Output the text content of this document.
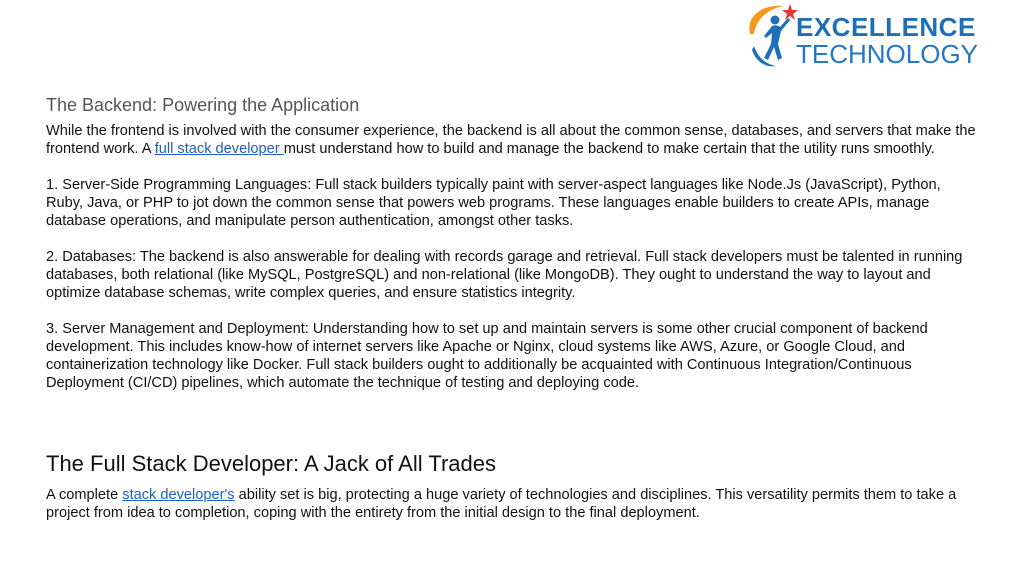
EXCELLENCE
TECHNOLOGY
The Backend: Powering the Application

While the frontend is involved with the consumer experience, the backend is all about the common sense, databases, and servers that make the frontend work. A full stack developer must understand how to build and manage the backend to make certain that the utility runs smoothly.

1. Server-Side Programming Languages: Full stack builders typically paint with server-aspect languages like Node.Js (JavaScript), Python, Ruby, Java, or PHP to jot down the common sense that powers web programs. These languages enable builders to create APIs, manage database operations, and manipulate person authentication, amongst other tasks.

2. Databases: The backend is also answerable for dealing with records garage and retrieval. Full stack developers must be talented in running databases, both relational (like MySQL, PostgreSQL) and non-relational (like MongoDB). They ought to understand the way to layout and optimize database schemas, write complex queries, and ensure statistics integrity.

3. Server Management and Deployment: Understanding how to set up and maintain servers is some other crucial component of backend development. This includes know-how of internet servers like Apache or Nginx, cloud systems like AWS, Azure, or Google Cloud, and containerization technology like Docker. Full stack builders ought to additionally be acquainted with Continuous Integration/Continuous Deployment (CI/CD) pipelines, which automate the technique of testing and deploying code.

The Full Stack Developer: A Jack of All Trades

A complete stack developer's ability set is big, protecting a huge variety of technologies and disciplines. This versatility permits them to take a project from idea to completion, coping with the entirety from the initial design to the final deployment.
